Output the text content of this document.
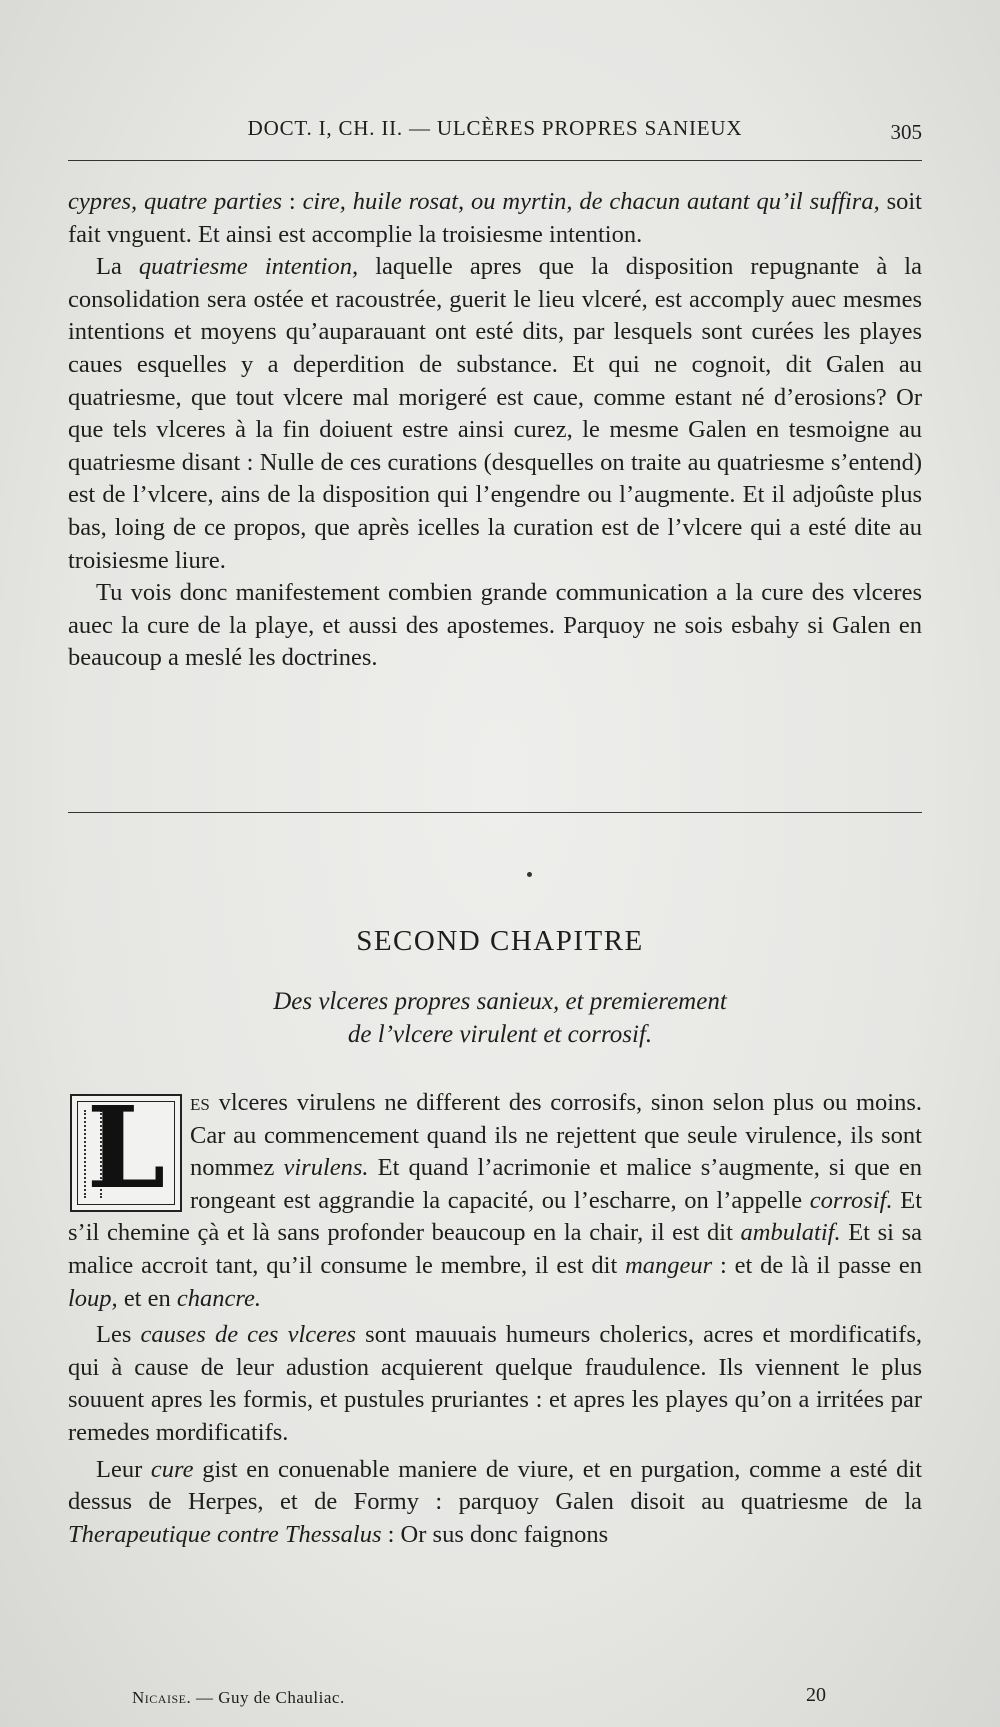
DOCT. I, CH. II. — ULCÈRES PROPRES SANIEUX	305

cypres, quatre parties : cire, huile rosat, ou myrtin, de chacun autant qu’il suffira, soit fait vnguent. Et ainsi est accomplie la troisiesme intention.

La quatriesme intention, laquelle apres que la disposition repugnante à la consolidation sera ostée et racoustrée, guerit le lieu vlceré, est accomply auec mesmes intentions et moyens qu’auparauant ont esté dits, par lesquels sont curées les playes caues esquelles y a deperdition de substance. Et qui ne cognoit, dit Galen au quatriesme, que tout vlcere mal morigeré est caue, comme estant né d’erosions? Or que tels vlceres à la fin doiuent estre ainsi curez, le mesme Galen en tesmoigne au quatriesme disant : Nulle de ces curations (desquelles on traite au quatriesme s’entend) est de l’vlcere, ains de la disposition qui l’engendre ou l’augmente. Et il adjoûste plus bas, loing de ce propos, que après icelles la curation est de l’vlcere qui a esté dite au troisiesme liure.

Tu vois donc manifestement combien grande communication a la cure des vlceres auec la cure de la playe, et aussi des apostemes. Parquoy ne sois esbahy si Galen en beaucoup a meslé les doctrines.

SECOND CHAPITRE
Des vlceres propres sanieux, et premierement
de l’vlcere virulent et corrosif.

es vlceres virulens ne different des corrosifs, sinon selon plus ou moins. Car au commencement quand ils ne rejettent que seule virulence, ils sont nommez virulens. Et quand l’acrimonie et malice s’augmente, si que en rongeant est aggrandie la capacité, ou l’escharre, on l’appelle corrosif. Et s’il chemine çà et là sans profonder beaucoup en la chair, il est dit ambulatif. Et si sa malice accroit tant, qu’il consume le membre, il est dit mangeur : et de là il passe en loup, et en chancre.

Les causes de ces vlceres sont mauuais humeurs cholerics, acres et mordificatifs, qui à cause de leur adustion acquierent quelque fraudulence. Ils viennent le plus souuent apres les formis, et pustules pruriantes : et apres les playes qu’on a irritées par remedes mordificatifs.

Leur cure gist en conuenable maniere de viure, et en purgation, comme a esté dit dessus de Herpes, et de Formy : parquoy Galen disoit au quatriesme de la Therapeutique contre Thessalus : Or sus donc faignons

L
Nicaise. — Guy de Chauliac.	20
